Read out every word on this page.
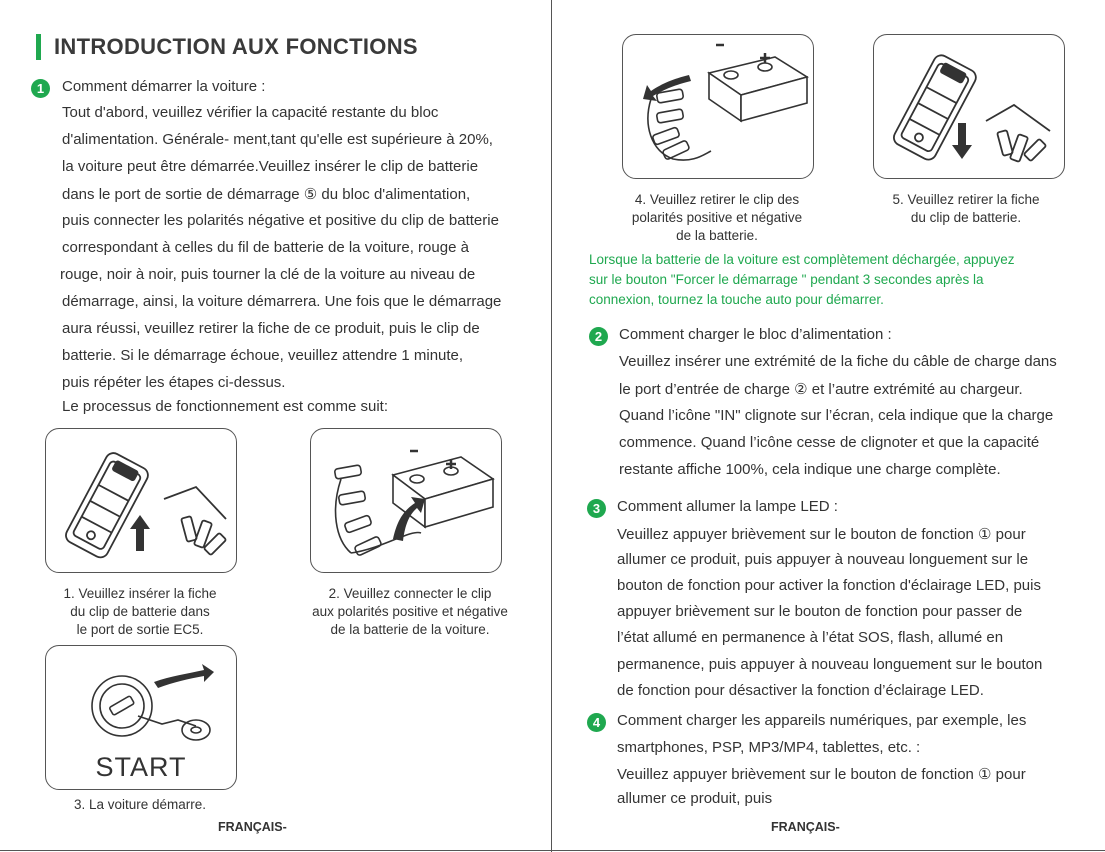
INTRODUCTION AUX FONCTIONS
1	Comment démarrer la voiture :
Tout d'abord, veuillez vérifier la capacité restante du bloc
d'alimentation. Générale- ment,tant qu'elle est supérieure à 20%,
la voiture peut être démarrée.Veuillez insérer le clip de batterie
dans le port de sortie de démarrage ⑤ du bloc d'alimentation,
puis connecter les polarités négative et positive du clip de batterie
correspondant à celles du fil de batterie de la voiture, rouge à
rouge, noir à noir, puis tourner la clé de la voiture au niveau de
démarrage, ainsi, la voiture démarrera. Une fois que le démarrage
aura réussi, veuillez retirer la fiche de ce produit, puis le clip de
batterie. Si le démarrage échoue, veuillez attendre 1 minute,
puis répéter les étapes ci-dessus.
Le processus de fonctionnement est comme suit:
1. Veuillez insérer la fiche
du clip de batterie dans
le port de sortie EC5.
2. Veuillez connecter le clip
aux polarités positive et négative
de la batterie de la voiture.
START
3. La voiture démarre.
FRANÇAIS-
4. Veuillez retirer le clip des
polarités positive et négative
de la batterie.
5. Veuillez retirer la fiche
du clip de batterie.
Lorsque la batterie de la voiture est complètement déchargée, appuyez
sur le bouton "Forcer le démarrage " pendant 3 secondes après la
connexion, tournez la touche auto pour démarrer.
2	Comment charger le bloc d’alimentation :
Veuillez insérer une extrémité de la fiche du câble de charge dans
le port d’entrée de charge ② et l’autre extrémité au chargeur.
Quand l’icône "IN" clignote sur l’écran, cela indique que la charge
commence. Quand l’icône cesse de clignoter et que la capacité
restante affiche 100%, cela indique une charge complète.
3	Comment allumer la lampe LED :
Veuillez appuyer brièvement sur le bouton de fonction ① pour
allumer ce produit, puis appuyer à nouveau longuement sur le
bouton de fonction pour activer la fonction d'éclairage LED, puis
appuyer brièvement sur le bouton de fonction pour passer de
l’état allumé en permanence à l’état SOS, flash, allumé en
permanence, puis appuyer à nouveau longuement sur le bouton
de fonction pour désactiver la fonction d’éclairage LED.
4	Comment charger les appareils numériques, par exemple, les
smartphones, PSP, MP3/MP4, tablettes, etc. :
Veuillez appuyer brièvement sur le bouton de fonction ① pour
allumer ce produit, puis
FRANÇAIS-
